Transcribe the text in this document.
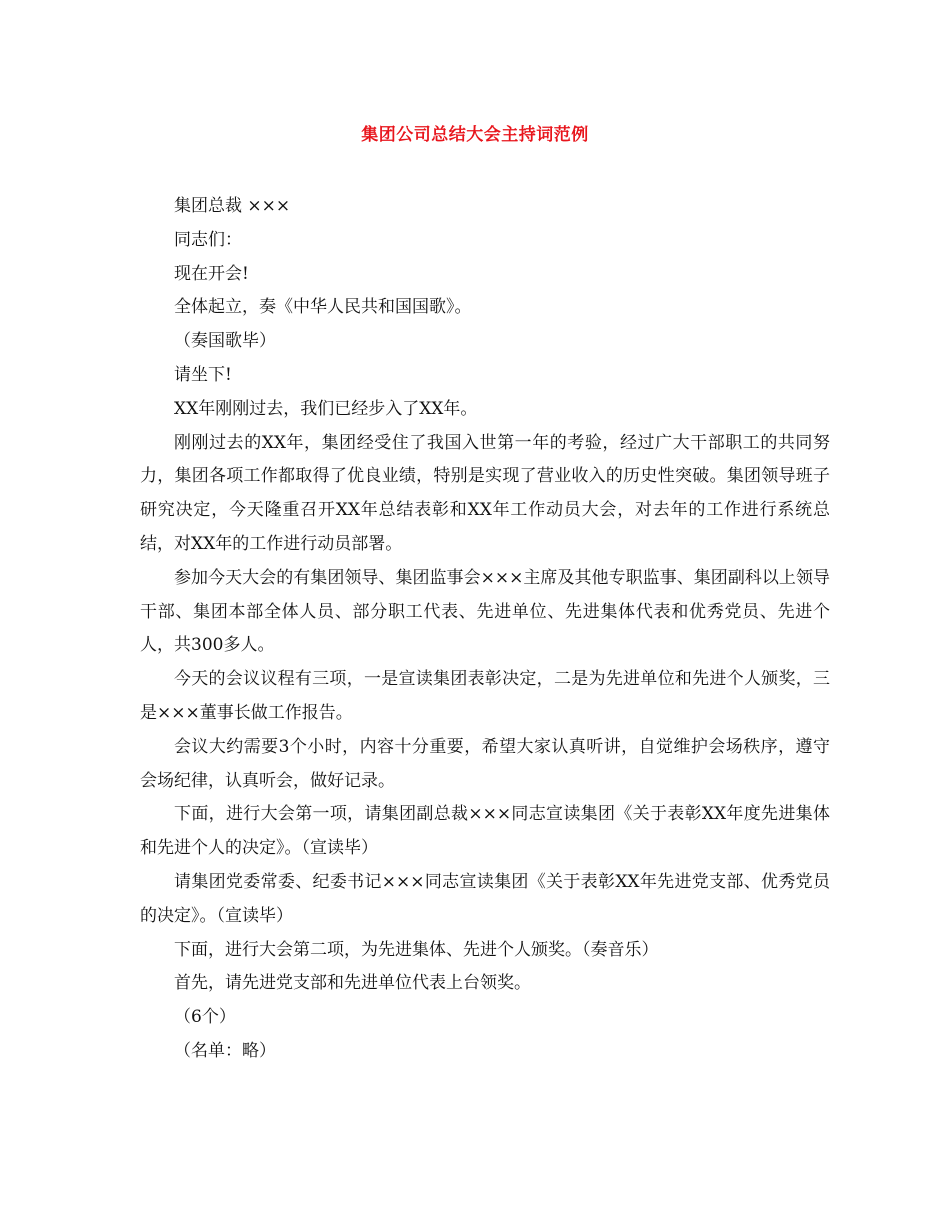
集团公司总结大会主持词范例

集团总裁 ×××

同志们：

现在开会!

全体起立，奏《中华人民共和国国歌》。

（奏国歌毕）

请坐下!

XX年刚刚过去，我们已经步入了XX年。

刚刚过去的XX年，集团经受住了我国入世第一年的考验，经过广大干部职工的共同努力，集团各项工作都取得了优良业绩，特别是实现了营业收入的历史性突破。集团领导班子研究决定，今天隆重召开XX年总结表彰和XX年工作动员大会，对去年的工作进行系统总结，对XX年的工作进行动员部署。

参加今天大会的有集团领导、集团监事会×××主席及其他专职监事、集团副科以上领导干部、集团本部全体人员、部分职工代表、先进单位、先进集体代表和优秀党员、先进个人，共300多人。

今天的会议议程有三项，一是宣读集团表彰决定，二是为先进单位和先进个人颁奖，三是×××董事长做工作报告。

会议大约需要3个小时，内容十分重要，希望大家认真听讲，自觉维护会场秩序，遵守会场纪律，认真听会，做好记录。

下面，进行大会第一项，请集团副总裁×××同志宣读集团《关于表彰XX年度先进集体和先进个人的决定》。（宣读毕）

请集团党委常委、纪委书记×××同志宣读集团《关于表彰XX年先进党支部、优秀党员的决定》。（宣读毕）

下面，进行大会第二项，为先进集体、先进个人颁奖。（奏音乐）

首先，请先进党支部和先进单位代表上台领奖。

（6个）

（名单：略）
